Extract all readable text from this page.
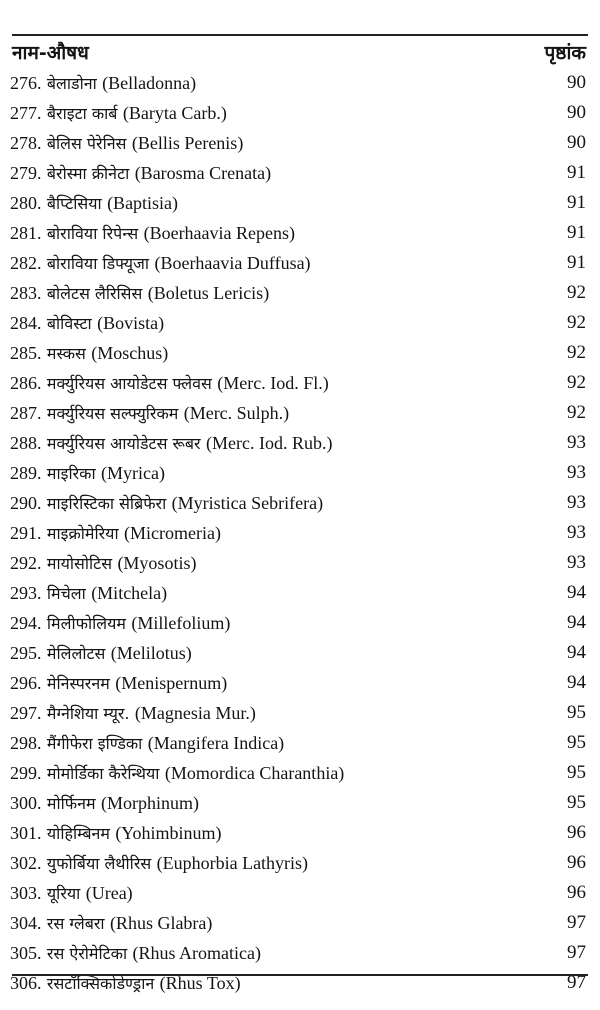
नाम-औषध	पृष्ठांक
276. बेलाडोना (Belladonna)	90
277. बैराइटा कार्ब (Baryta Carb.)	90
278. बेलिस पेरेनिस (Bellis Perenis)	90
279. बेरोस्मा क्रीनेटा (Barosma Crenata)	91
280. बैप्टिसिया (Baptisia)	91
281. बोराविया रिपेन्स (Boerhaavia Repens)	91
282. बोराविया डिफ्यूजा (Boerhaavia Duffusa)	91
283. बोलेटस लैरिसिस (Boletus Lericis)	92
284. बोविस्टा (Bovista)	92
285. मस्कस (Moschus)	92
286. मर्क्युरियस आयोडेटस फ्लेवस (Merc. Iod. Fl.)	92
287. मर्क्युरियस सल्फ्युरिकम (Merc. Sulph.)	92
288. मर्क्युरियस आयोडेटस रूबर (Merc. Iod. Rub.)	93
289. माइरिका (Myrica)	93
290. माइरिस्टिका सेब्रिफेरा (Myristica Sebrifera)	93
291. माइक्रोमेरिया (Micromeria)	93
292. मायोसोटिस (Myosotis)	93
293. मिचेला (Mitchela)	94
294. मिलीफोलियम (Millefolium)	94
295. मेलिलोटस (Melilotus)	94
296. मेनिस्परनम (Menispernum)	94
297. मैग्नेशिया म्यूर. (Magnesia Mur.)	95
298. मैंगीफेरा इण्डिका (Mangifera Indica)	95
299. मोमोर्डिका कैरेन्थिया (Momordica Charanthia)	95
300. मोर्फिनम (Morphinum)	95
301. योहिम्बिनम (Yohimbinum)	96
302. युफोर्बिया लैथीरिस (Euphorbia Lathyris)	96
303. यूरिया (Urea)	96
304. रस ग्लेबरा (Rhus Glabra)	97
305. रस ऐरोमेटिका (Rhus Aromatica)	97
306. रसटॉक्सिकोडेण्ड्रान (Rhus Tox)	97
